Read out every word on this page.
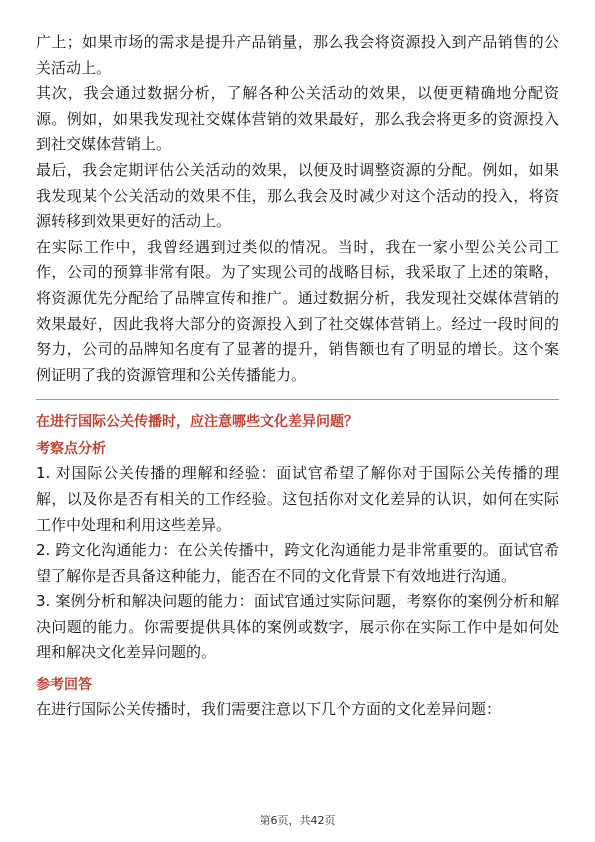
广上；如果市场的需求是提升产品销量，那么我会将资源投入到产品销售的公关活动上。

其次，我会通过数据分析，了解各种公关活动的效果，以便更精确地分配资源。例如，如果我发现社交媒体营销的效果最好，那么我会将更多的资源投入到社交媒体营销上。

最后，我会定期评估公关活动的效果，以便及时调整资源的分配。例如，如果我发现某个公关活动的效果不佳，那么我会及时减少对这个活动的投入，将资源转移到效果更好的活动上。

在实际工作中，我曾经遇到过类似的情况。当时，我在一家小型公关公司工作，公司的预算非常有限。为了实现公司的战略目标，我采取了上述的策略，将资源优先分配给了品牌宣传和推广。通过数据分析，我发现社交媒体营销的效果最好，因此我将大部分的资源投入到了社交媒体营销上。经过一段时间的努力，公司的品牌知名度有了显著的提升，销售额也有了明显的增长。这个案例证明了我的资源管理和公关传播能力。

在进行国际公关传播时，应注意哪些文化差异问题？

考察点分析

1. 对国际公关传播的理解和经验：面试官希望了解你对于国际公关传播的理解，以及你是否有相关的工作经验。这包括你对文化差异的认识，如何在实际工作中处理和利用这些差异。

2. 跨文化沟通能力：在公关传播中，跨文化沟通能力是非常重要的。面试官希望了解你是否具备这种能力，能否在不同的文化背景下有效地进行沟通。

3. 案例分析和解决问题的能力：面试官通过实际问题，考察你的案例分析和解决问题的能力。你需要提供具体的案例或数字，展示你在实际工作中是如何处理和解决文化差异问题的。

参考回答

在进行国际公关传播时，我们需要注意以下几个方面的文化差异问题：

第6页，共42页
